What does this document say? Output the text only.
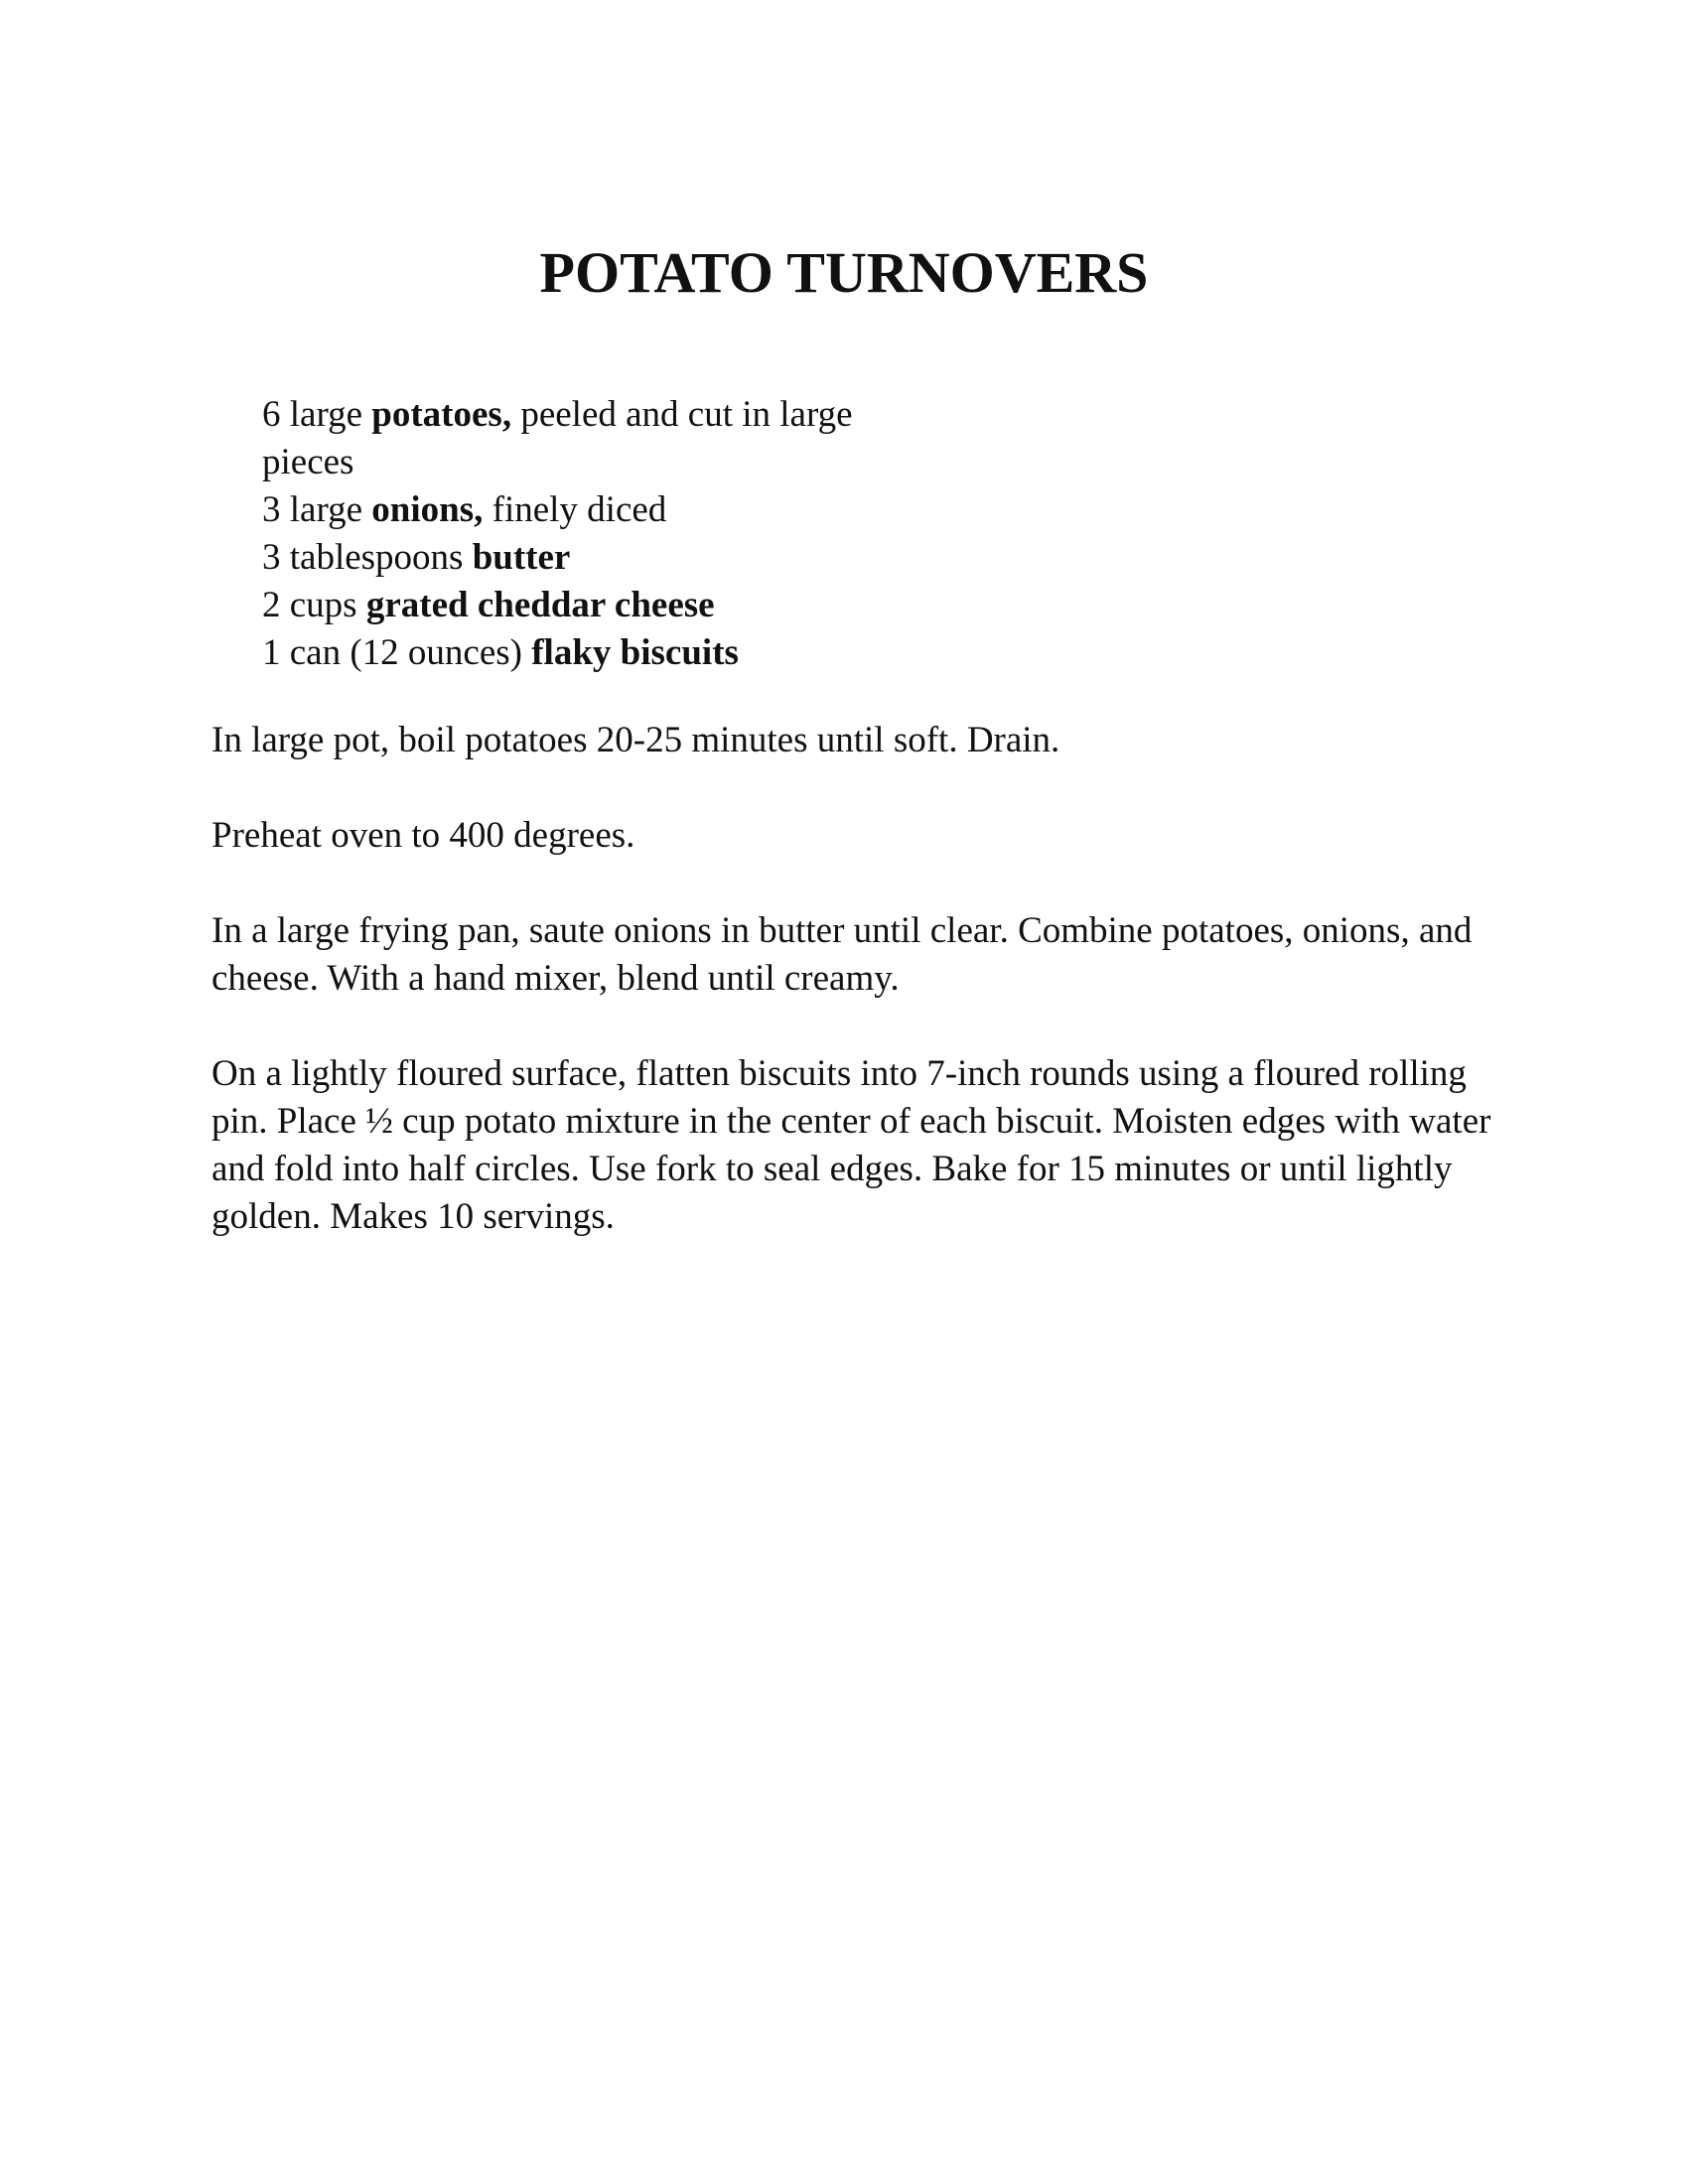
POTATO TURNOVERS
6 large potatoes, peeled and cut in large pieces
3 large onions, finely diced
3 tablespoons butter
2 cups grated cheddar cheese
1 can (12 ounces) flaky biscuits

In large pot, boil potatoes 20-25 minutes until soft. Drain.

Preheat oven to 400 degrees.

In a large frying pan, saute onions in butter until clear. Combine potatoes, onions, and cheese. With a hand mixer, blend until creamy.

On a lightly floured surface, flatten biscuits into 7-inch rounds using a floured rolling pin. Place ½ cup potato mixture in the center of each biscuit. Moisten edges with water and fold into half circles. Use fork to seal edges. Bake for 15 minutes or until lightly golden. Makes 10 servings.
